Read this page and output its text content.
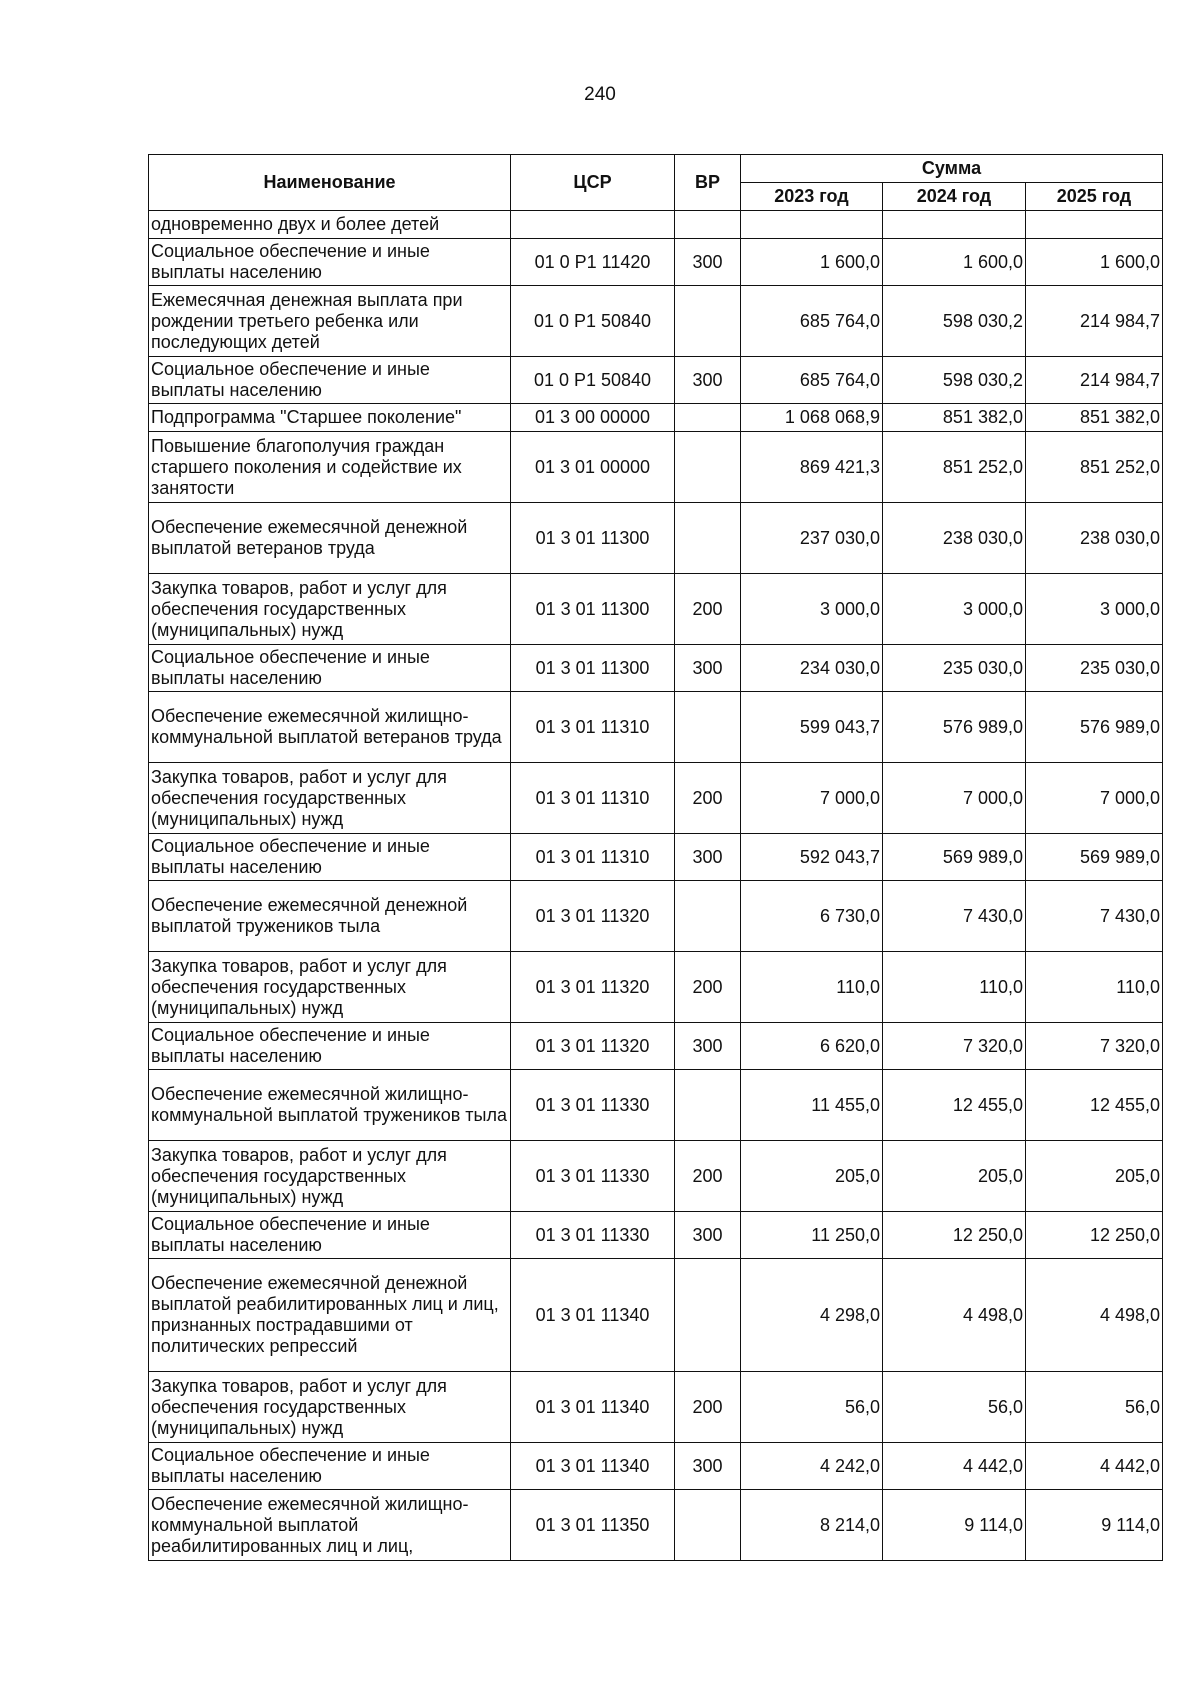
240
Наименование	ЦСР	ВР	Сумма		
			2023 год	2024 год	2025 год
одновременно двух и более детей					
Социальное обеспечение и иные выплаты населению	01 0 Р1 11420	300	1 600,0	1 600,0	1 600,0
Ежемесячная денежная выплата при рождении третьего ребенка или последующих детей	01 0 Р1 50840		685 764,0	598 030,2	214 984,7
Социальное обеспечение и иные выплаты населению	01 0 Р1 50840	300	685 764,0	598 030,2	214 984,7
Подпрограмма "Старшее поколение"	01 3 00 00000		1 068 068,9	851 382,0	851 382,0
Повышение благополучия граждан старшего поколения и содействие их занятости	01 3 01 00000		869 421,3	851 252,0	851 252,0
Обеспечение ежемесячной денежной выплатой ветеранов труда	01 3 01 11300		237 030,0	238 030,0	238 030,0
Закупка товаров, работ и услуг для обеспечения государственных (муниципальных) нужд	01 3 01 11300	200	3 000,0	3 000,0	3 000,0
Социальное обеспечение и иные выплаты населению	01 3 01 11300	300	234 030,0	235 030,0	235 030,0
Обеспечение ежемесячной жилищно-коммунальной выплатой ветеранов труда	01 3 01 11310		599 043,7	576 989,0	576 989,0
Закупка товаров, работ и услуг для обеспечения государственных (муниципальных) нужд	01 3 01 11310	200	7 000,0	7 000,0	7 000,0
Социальное обеспечение и иные выплаты населению	01 3 01 11310	300	592 043,7	569 989,0	569 989,0
Обеспечение ежемесячной денежной выплатой тружеников тыла	01 3 01 11320		6 730,0	7 430,0	7 430,0
Закупка товаров, работ и услуг для обеспечения государственных (муниципальных) нужд	01 3 01 11320	200	110,0	110,0	110,0
Социальное обеспечение и иные выплаты населению	01 3 01 11320	300	6 620,0	7 320,0	7 320,0
Обеспечение ежемесячной жилищно-коммунальной выплатой тружеников тыла	01 3 01 11330		11 455,0	12 455,0	12 455,0
Закупка товаров, работ и услуг для обеспечения государственных (муниципальных) нужд	01 3 01 11330	200	205,0	205,0	205,0
Социальное обеспечение и иные выплаты населению	01 3 01 11330	300	11 250,0	12 250,0	12 250,0
Обеспечение ежемесячной денежной выплатой реабилитированных лиц и лиц, признанных пострадавшими от политических репрессий	01 3 01 11340		4 298,0	4 498,0	4 498,0
Закупка товаров, работ и услуг для обеспечения государственных (муниципальных) нужд	01 3 01 11340	200	56,0	56,0	56,0
Социальное обеспечение и иные выплаты населению	01 3 01 11340	300	4 242,0	4 442,0	4 442,0
Обеспечение ежемесячной жилищно-коммунальной выплатой реабилитированных лиц и лиц,	01 3 01 11350		8 214,0	9 114,0	9 114,0
